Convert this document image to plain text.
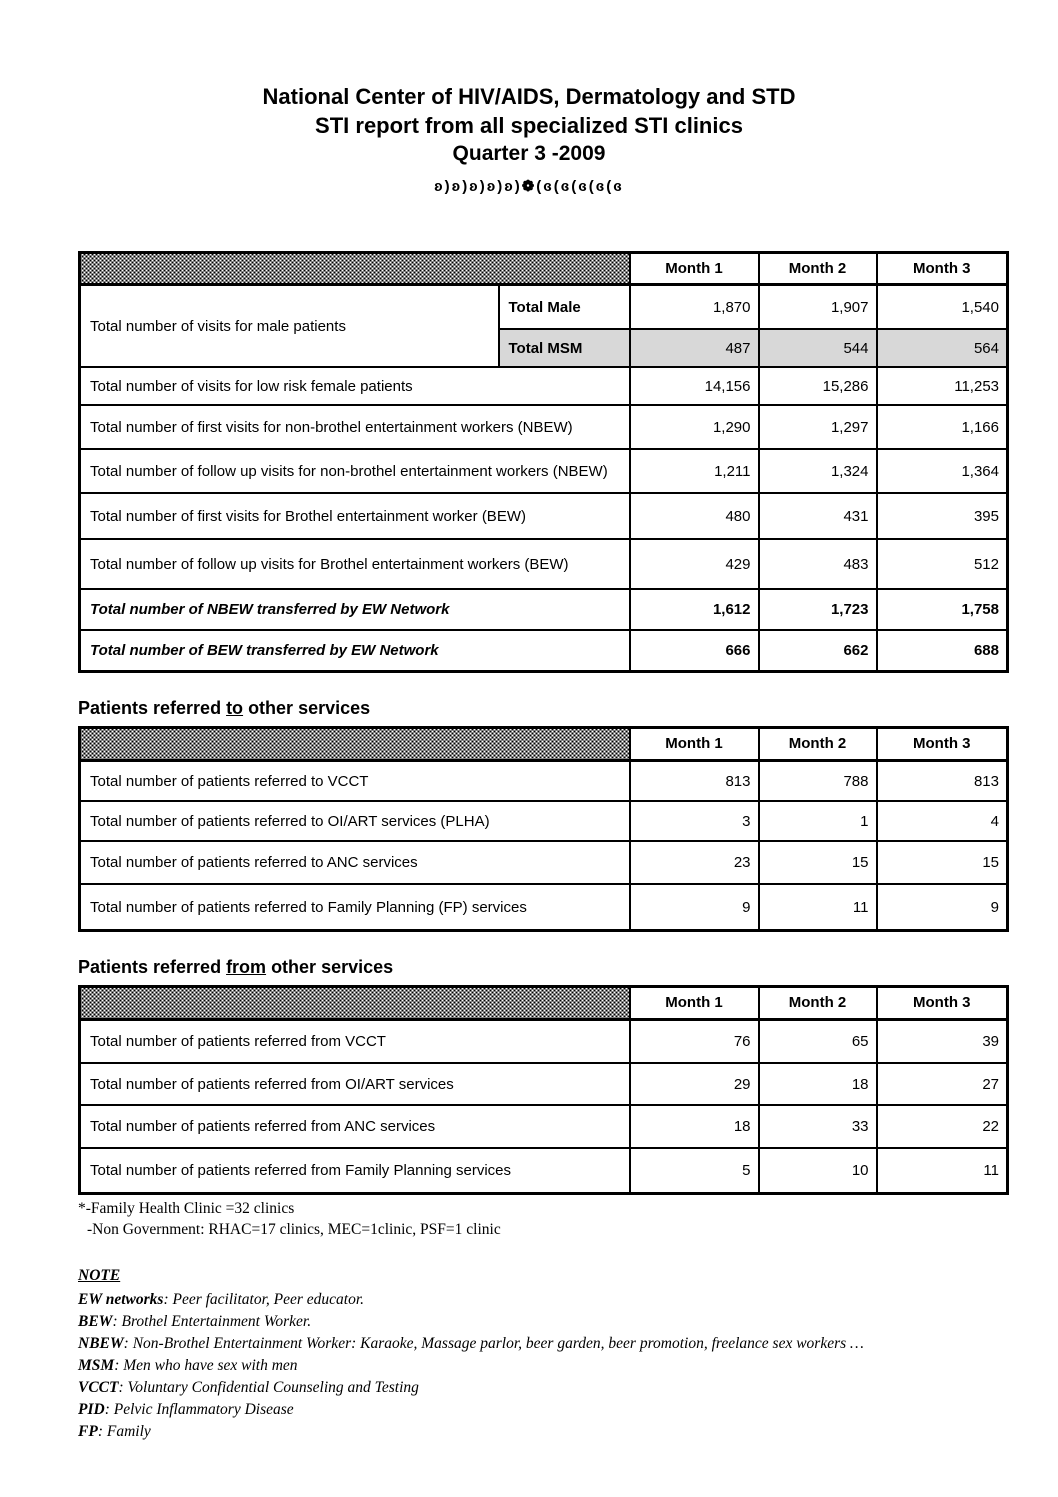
National Center of HIV/AIDS, Dermatology and STD
STI report from all specialized STI clinics
Quarter 3 -2009
ʚ)ʚ)ʚ)ʚ)ʚ)❁(ɞ(ɞ(ɞ(ɞ(ɞ
		Month 1	Month 2	Month 3
Total number of visits for male patients	Total Male	1,870	1,907	1,540
	Total MSM	487	544	564
Total number of visits for low risk female patients		14,156	15,286	11,253
Total number of first visits for non-brothel entertainment workers (NBEW)		1,290	1,297	1,166
Total number of follow up visits for non-brothel entertainment workers (NBEW)		1,211	1,324	1,364
Total number of first visits for Brothel entertainment worker (BEW)		480	431	395
Total number of follow up visits for Brothel entertainment workers (BEW)		429	483	512
Total number of NBEW transferred by EW Network		1,612	1,723	1,758
Total number of BEW transferred by EW Network		666	662	688
Patients referred to other services
	Month 1	Month 2	Month 3
Total number of patients referred to VCCT	813	788	813
Total number of patients referred to OI/ART services (PLHA)	3	1	4
Total number of patients referred to ANC services	23	15	15
Total number of patients referred to Family Planning (FP) services	9	11	9
Patients referred from other services
	Month 1	Month 2	Month 3
Total number of patients referred from VCCT	76	65	39
Total number of patients referred from OI/ART services	29	18	27
Total number of patients referred from ANC services	18	33	22
Total number of patients referred from Family Planning services	5	10	11
*-Family Health Clinic =32 clinics
-Non Government: RHAC=17 clinics, MEC=1clinic, PSF=1 clinic
NOTE
EW networks: Peer facilitator, Peer educator.
BEW: Brothel Entertainment Worker.
NBEW: Non-Brothel Entertainment Worker: Karaoke, Massage parlor, beer garden, beer promotion, freelance sex workers …
MSM: Men who have sex with men
VCCT: Voluntary Confidential Counseling and Testing
PID: Pelvic Inflammatory Disease
FP: Family
